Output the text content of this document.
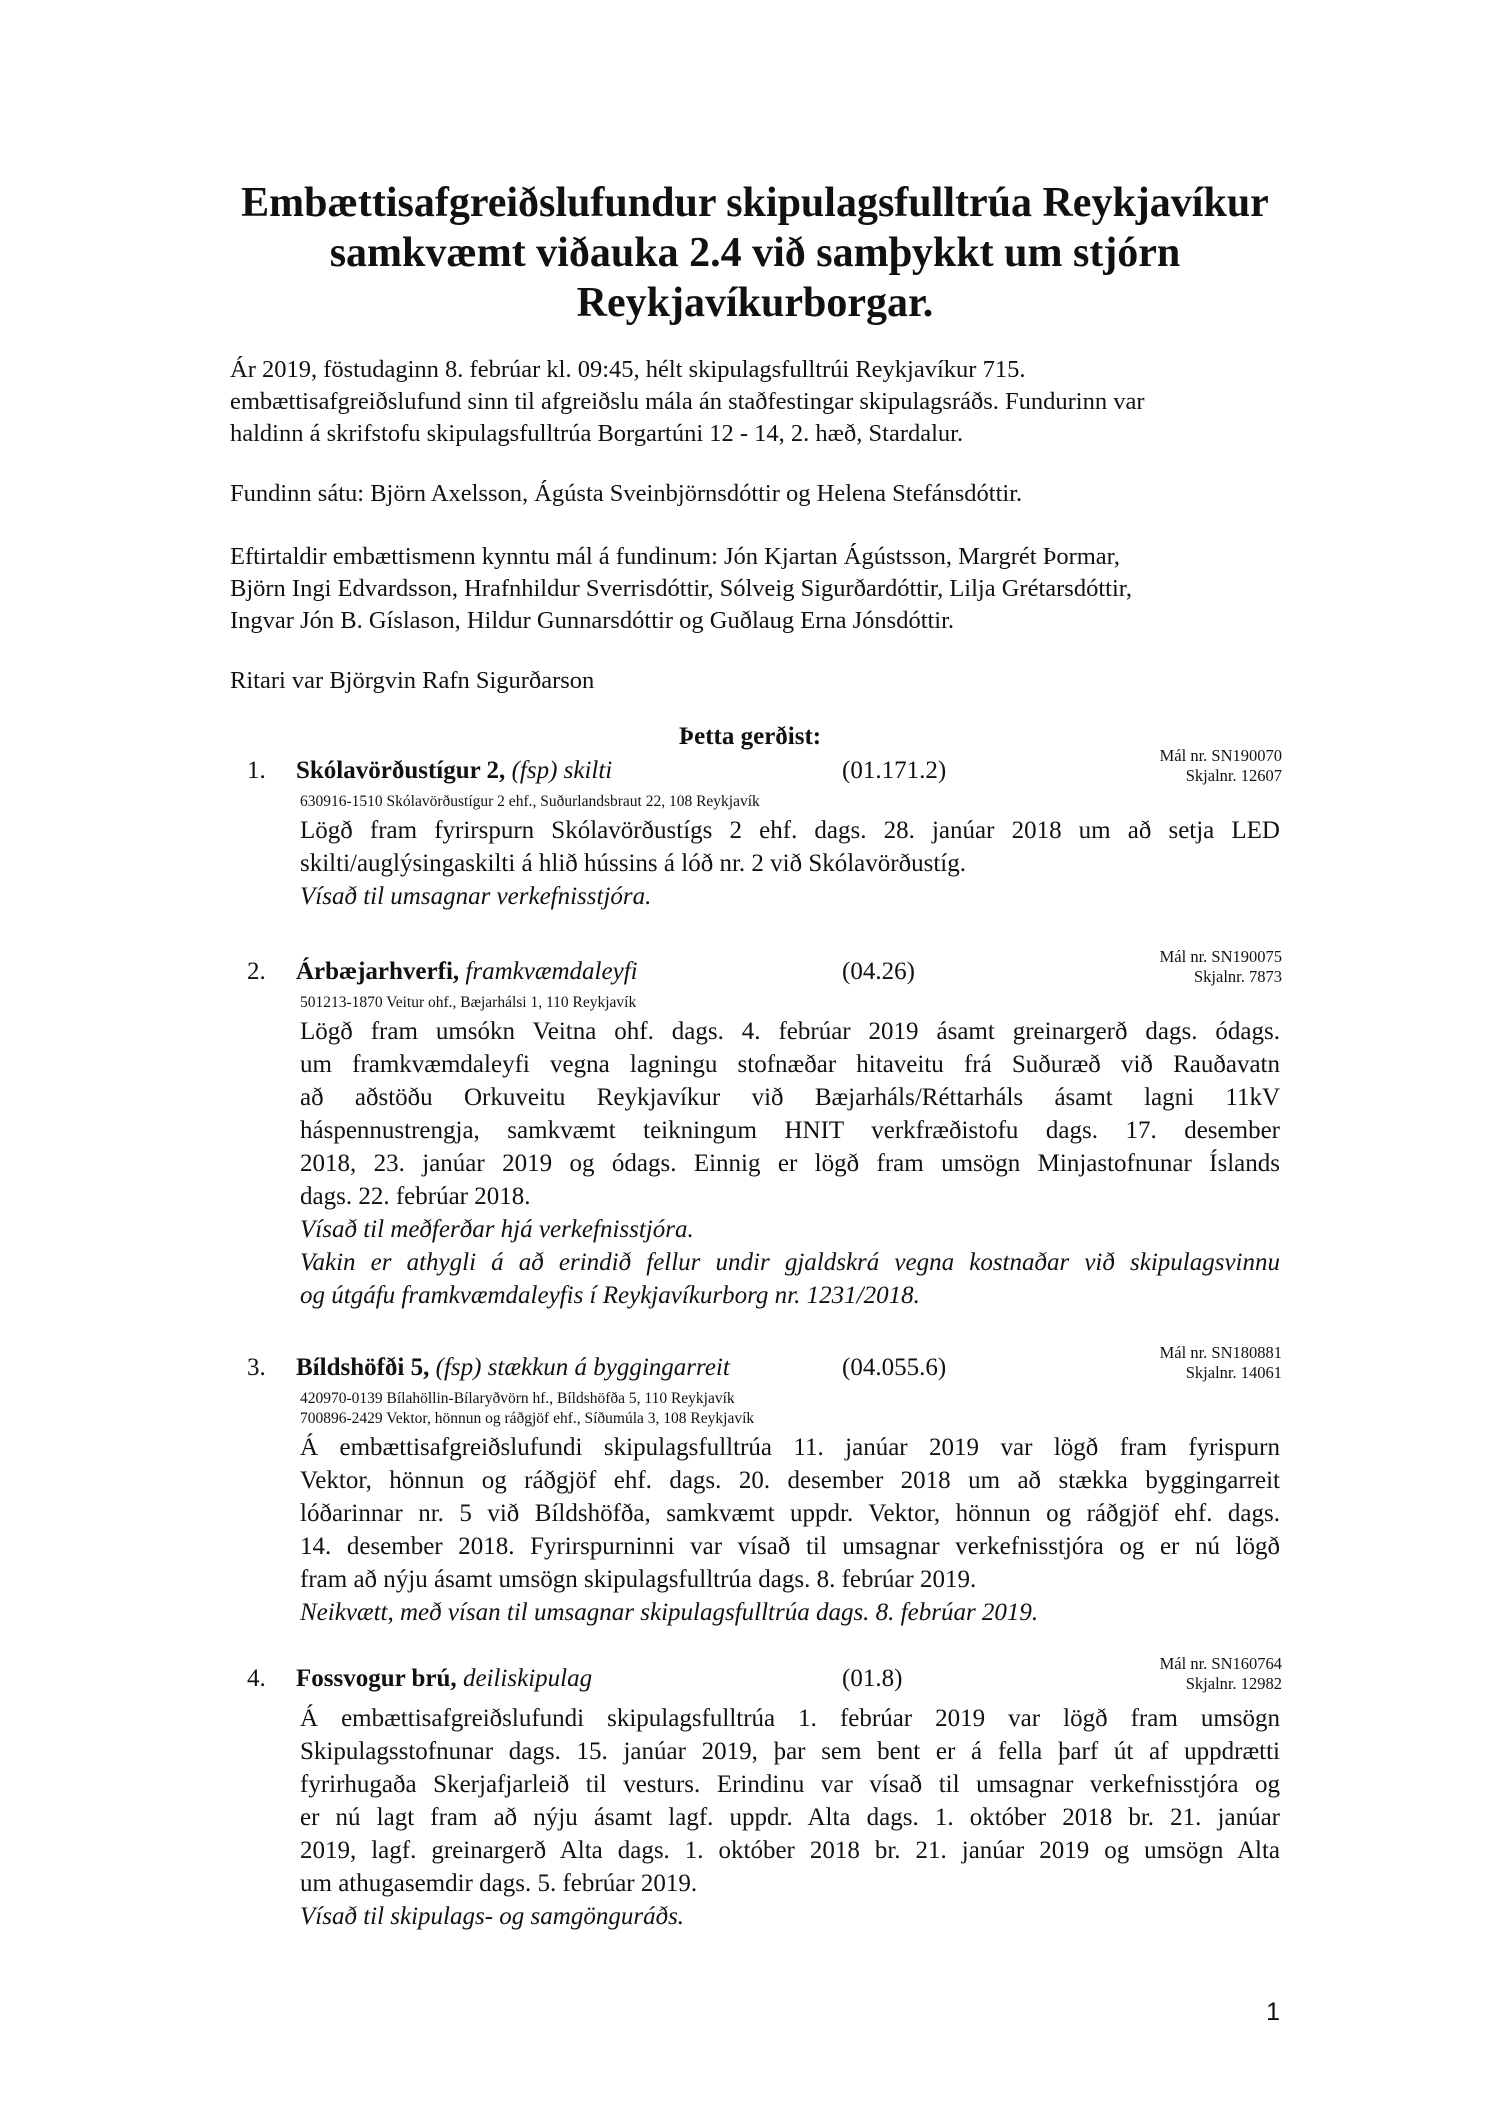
Embættisafgreiðslufundur skipulagsfulltrúa Reykjavíkur
samkvæmt viðauka 2.4 við samþykkt um stjórn
Reykjavíkurborgar.
Ár 2019, föstudaginn 8. febrúar kl. 09:45, hélt skipulagsfulltrúi Reykjavíkur 715.
embættisafgreiðslufund sinn til afgreiðslu mála án staðfestingar skipulagsráðs. Fundurinn var
haldinn á skrifstofu skipulagsfulltrúa Borgartúni 12 - 14, 2. hæð, Stardalur.
Fundinn sátu: Björn Axelsson, Ágústa Sveinbjörnsdóttir og Helena Stefánsdóttir.
Eftirtaldir embættismenn kynntu mál á fundinum: Jón Kjartan Ágústsson, Margrét Þormar,
Björn Ingi Edvardsson, Hrafnhildur Sverrisdóttir, Sólveig Sigurðardóttir, Lilja Grétarsdóttir,
Ingvar Jón B. Gíslason, Hildur Gunnarsdóttir og Guðlaug Erna Jónsdóttir.
Ritari var Björgvin Rafn Sigurðarson
Þetta gerðist:
1. Skólavörðustígur 2, (fsp) skilti	(01.171.2)
Mál nr. SN190070
Skjalnr. 12607
630916-1510 Skólavörðustígur 2 ehf., Suðurlandsbraut 22, 108 Reykjavík
Lögð fram fyrirspurn Skólavörðustígs 2 ehf. dags. 28. janúar 2018 um að setja LED
skilti/auglýsingaskilti á hlið hússins á lóð nr. 2 við Skólavörðustíg.
Vísað til umsagnar verkefnisstjóra.
2. Árbæjarhverfi, framkvæmdaleyfi	(04.26)
Mál nr. SN190075
Skjalnr. 7873
501213-1870 Veitur ohf., Bæjarhálsi 1, 110 Reykjavík
Lögð fram umsókn Veitna ohf. dags. 4. febrúar 2019 ásamt greinargerð dags. ódags.
um framkvæmdaleyfi vegna lagningu stofnæðar hitaveitu frá Suðuræð við Rauðavatn
að aðstöðu Orkuveitu Reykjavíkur við Bæjarháls/Réttarháls ásamt lagni 11kV
háspennustrengja, samkvæmt teikningum HNIT verkfræðistofu dags. 17. desember
2018, 23. janúar 2019 og ódags. Einnig er lögð fram umsögn Minjastofnunar Íslands
dags. 22. febrúar 2018.
Vísað til meðferðar hjá verkefnisstjóra.
Vakin er athygli á að erindið fellur undir gjaldskrá vegna kostnaðar við skipulagsvinnu
og útgáfu framkvæmdaleyfis í Reykjavíkurborg nr. 1231/2018.
3. Bíldshöfði 5, (fsp) stækkun á byggingarreit	(04.055.6)
Mál nr. SN180881
Skjalnr. 14061
420970-0139 Bílahöllin-Bílaryðvörn hf., Bíldshöfða 5, 110 Reykjavík
700896-2429 Vektor, hönnun og ráðgjöf ehf., Síðumúla 3, 108 Reykjavík
Á embættisafgreiðslufundi skipulagsfulltrúa 11. janúar 2019 var lögð fram fyrispurn
Vektor, hönnun og ráðgjöf ehf. dags. 20. desember 2018 um að stækka byggingarreit
lóðarinnar nr. 5 við Bíldshöfða, samkvæmt uppdr. Vektor, hönnun og ráðgjöf ehf. dags.
14. desember 2018. Fyrirspurninni var vísað til umsagnar verkefnisstjóra og er nú lögð
fram að nýju ásamt umsögn skipulagsfulltrúa dags. 8. febrúar 2019.
Neikvætt, með vísan til umsagnar skipulagsfulltrúa dags. 8. febrúar 2019.
4. Fossvogur brú, deiliskipulag	(01.8)
Mál nr. SN160764
Skjalnr. 12982
Á embættisafgreiðslufundi skipulagsfulltrúa 1. febrúar 2019 var lögð fram umsögn
Skipulagsstofnunar dags. 15. janúar 2019, þar sem bent er á fella þarf út af uppdrætti
fyrirhugaða Skerjafjarleið til vesturs. Erindinu var vísað til umsagnar verkefnisstjóra og
er nú lagt fram að nýju ásamt lagf. uppdr. Alta dags. 1. október 2018 br. 21. janúar
2019, lagf. greinargerð Alta dags. 1. október 2018 br. 21. janúar 2019 og umsögn Alta
um athugasemdir dags. 5. febrúar 2019.
Vísað til skipulags- og samgönguráðs.
1
